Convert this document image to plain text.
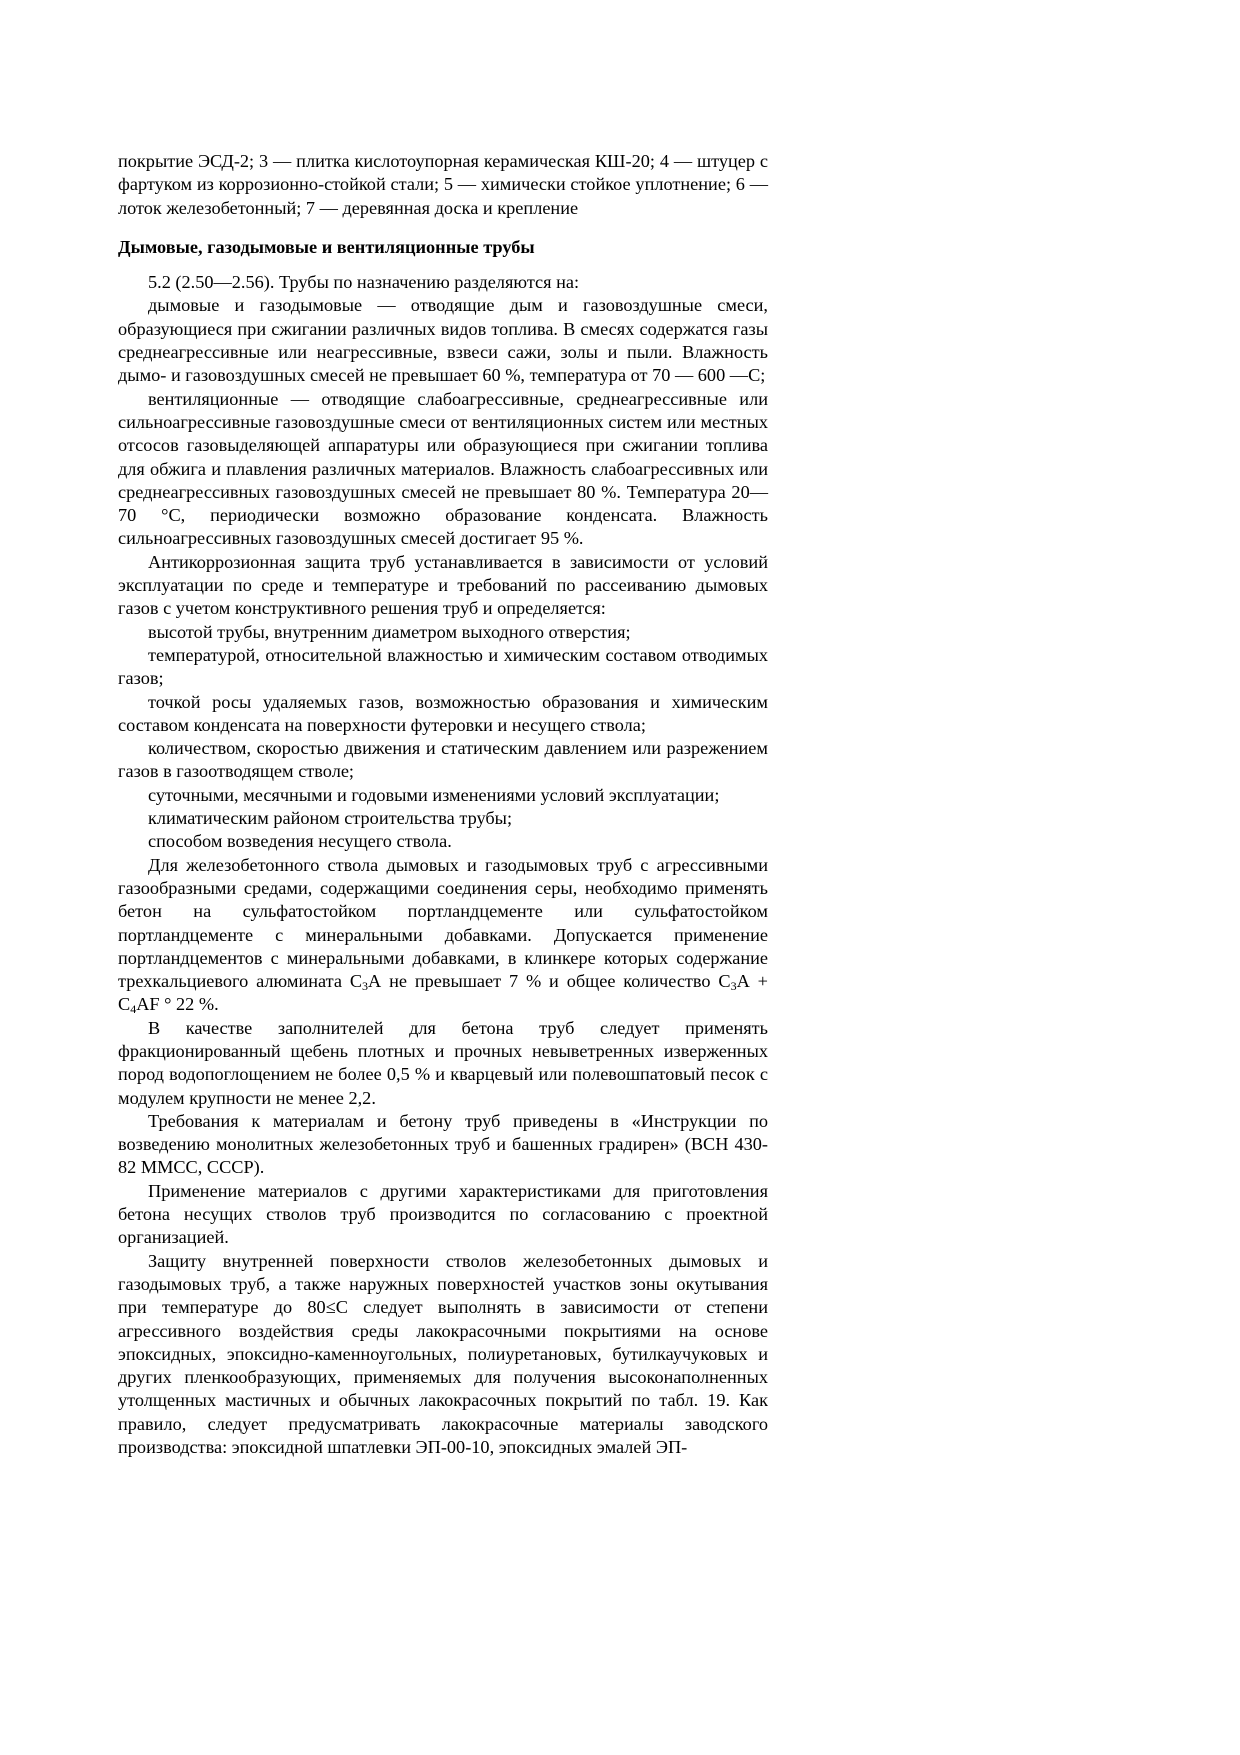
покрытие ЭСД-2; 3 — плитка кислотоупорная керамическая КШ-20; 4 — штуцер с фартуком из коррозионно-стойкой стали; 5 — химически стойкое уплотнение; 6 — лоток железобетонный; 7 — деревянная доска и крепление

Дымовые, газодымовые и вентиляционные трубы

5.2 (2.50—2.56). Трубы по назначению разделяются на:

дымовые и газодымовые — отводящие дым и газовоздушные смеси, образующиеся при сжигании различных видов топлива. В смесях содержатся газы среднеагрессивные или неагрессивные, взвеси сажи, золы и пыли. Влажность дымо- и газовоздушных смесей не превышает 60 %, температура от 70 — 600 —С;

вентиляционные — отводящие слабоагрессивные, среднеагрессивные или сильноагрессивные газовоздушные смеси от вентиляционных систем или местных отсосов газовыделяющей аппаратуры или образующиеся при сжигании топлива для обжига и плавления различных материалов. Влажность слабоагрессивных или среднеагрессивных газовоздушных смесей не превышает 80 %. Температура 20—70 °С, периодически возможно образование конденсата. Влажность сильноагрессивных газовоздушных смесей достигает 95 %.

Антикоррозионная защита труб устанавливается в зависимости от условий эксплуатации по среде и температуре и требований по рассеиванию дымовых газов с учетом конструктивного решения труб и определяется:

высотой трубы, внутренним диаметром выходного отверстия;

температурой, относительной влажностью и химическим составом отводимых газов;

точкой росы удаляемых газов, возможностью образования и химическим составом конденсата на поверхности футеровки и несущего ствола;

количеством, скоростью движения и статическим давлением или разрежением газов в газоотводящем стволе;

суточными, месячными и годовыми изменениями условий эксплуатации;

климатическим районом строительства трубы;

способом возведения несущего ствола.

Для железобетонного ствола дымовых и газодымовых труб с агрессивными газообразными средами, содержащими соединения серы, необходимо применять бетон на сульфатостойком портландцементе или сульфатостойком портландцементе с минеральными добавками. Допускается применение портландцементов с минеральными добавками, в клинкере которых содержание трехкальциевого алюмината $С_3А$ не превышает 7 % и общее количество $С_3А + С_4AF$ ° 22 %.

В качестве заполнителей для бетона труб следует применять фракционированный щебень плотных и прочных невыветренных изверженных пород водопоглощением не более 0,5 % и кварцевый или полевошпатовый песок с модулем крупности не менее 2,2.

Требования к материалам и бетону труб приведены в «Инструкции по возведению монолитных железобетонных труб и башенных градирен» (ВСН 430-82 ММСС, СССР).

Применение материалов с другими характеристиками для приготовления бетона несущих стволов труб производится по согласованию с проектной организацией.

Защиту внутренней поверхности стволов железобетонных дымовых и газодымовых труб, а также наружных поверхностей участков зоны окутывания при температуре до 80≤С следует выполнять в зависимости от степени агрессивного воздействия среды лакокрасочными покрытиями на основе эпоксидных, эпоксидно-каменноугольных, полиуретановых, бутилкаучуковых и других пленкообразующих, применяемых для получения высоконаполненных утолщенных мастичных и обычных лакокрасочных покрытий по табл. 19. Как правило, следует предусматривать лакокрасочные материалы заводского производства: эпоксидной шпатлевки ЭП-00-10, эпоксидных эмалей ЭП-
